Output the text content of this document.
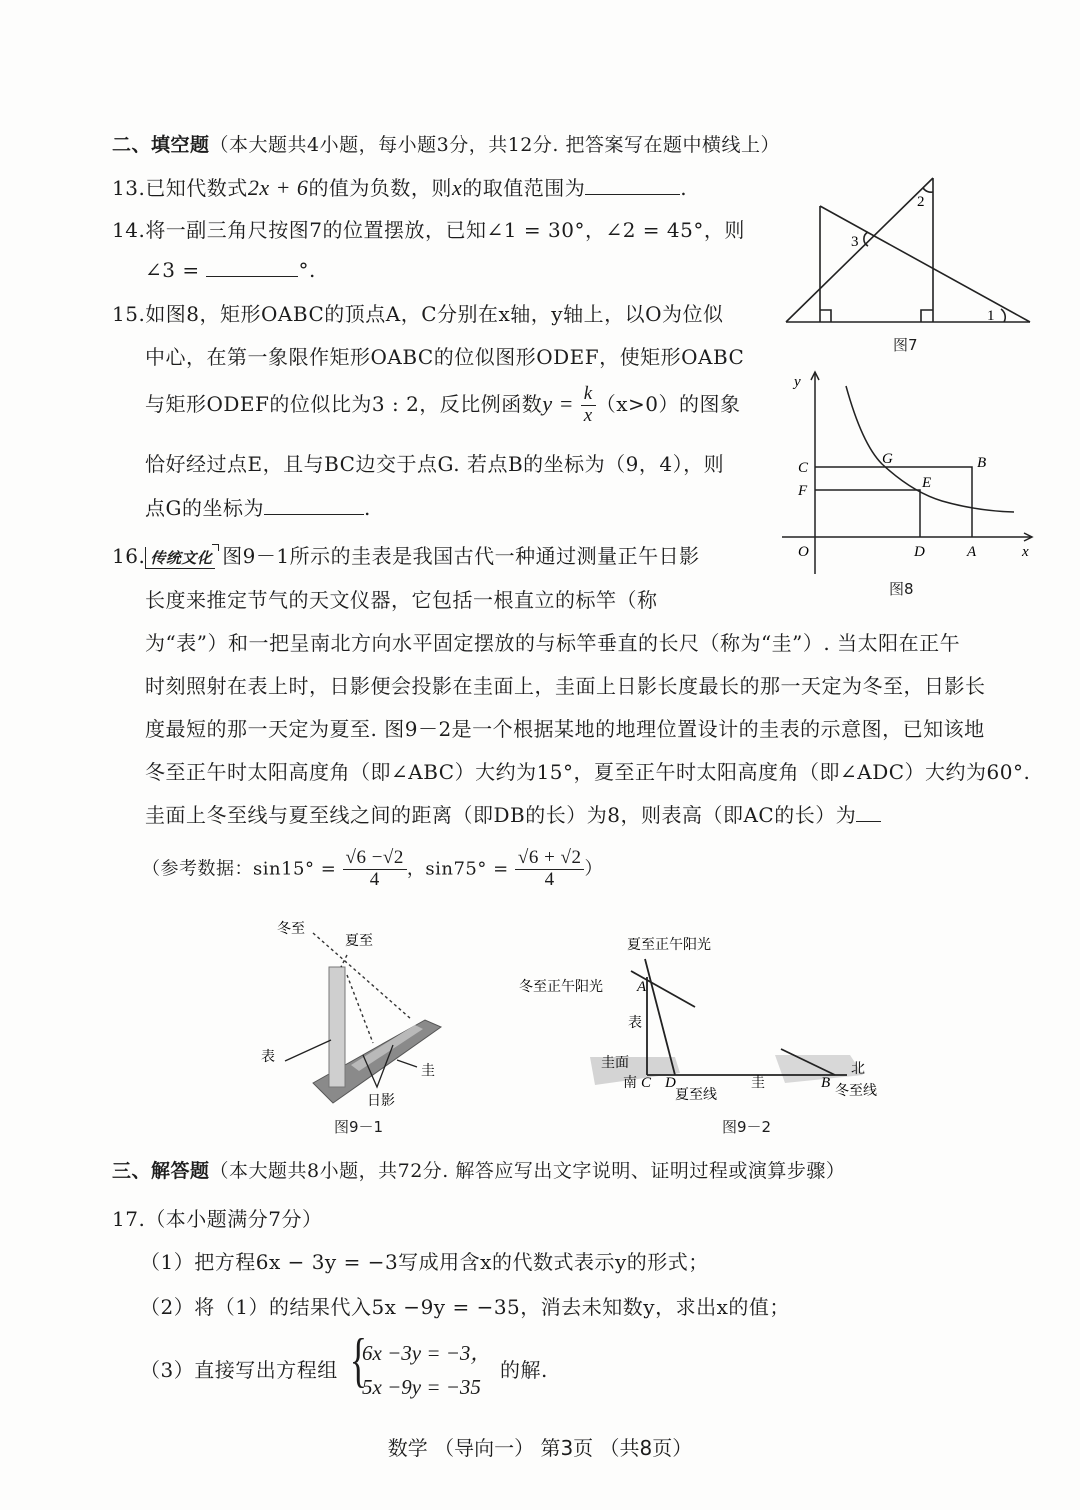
二、填空题（本大题共4小题，每小题3分，共12分. 把答案写在题中横线上）
13.已知代数式2x + 6的值为负数，则x的取值范围为	.
14.将一副三角尺按图7的位置摆放，已知∠1 = 30°，∠2 = 45°，则
∠3 =	°.
1
2
3
图7
15.如图8，矩形OABC的顶点A，C分别在x轴，y轴上，以O为位似
中心，在第一象限作矩形OABC的位似图形ODEF，使矩形OABC
与矩形ODEF的位似比为3 : 2，反比例函数$y = \frac{k}{x} (x>0)$的图象
恰好经过点E，且与BC边交于点G. 若点B的坐标为（9，4），则
点G的坐标为	.
y
x
O
C
F
G	B
E
D	A
图8
16. 传统文化 图9－1所示的圭表是我国古代一种通过测量正午日影
长度来推定节气的天文仪器，它包括一根直立的标竿（称
为“表”）和一把呈南北方向水平固定摆放的与标竿垂直的长尺（称为“圭”）. 当太阳在正午
时刻照射在表上时，日影便会投影在圭面上，圭面上日影长度最长的那一天定为冬至，日影长
度最短的那一天定为夏至. 图9－2是一个根据某地的地理位置设计的圭表的示意图，已知该地
冬至正午时太阳高度角（即∠ABC）大约为15°，夏至正午时太阳高度角（即∠ADC）大约为60°.
圭面上冬至线与夏至线之间的距离（即DB的长）为8，则表高（即AC的长）为
（参考数据：$\sin 15^\circ = \frac{√6 -√2}{4}$ ，$\sin 75^\circ = \frac{√6 + √2}{4}$ ）
冬至
夏至
表
圭
日影
图9－1
夏至正午阳光
冬至正午阳光
表
圭面
南
夏至线
圭
北
冬至线
A
C D	B
图9－2
三、解答题（本大题共8小题，共72分. 解答应写出文字说明、证明过程或演算步骤）
17.（本小题满分7分）
（1）把方程6x − 3y = −3写成用含x的代数式表示y的形式；
（2）将（1）的结果代入5x −9y = −35，消去未知数y，求出x的值；
（3）直接写出方程组 {
6x −3y = −3，
5x −9y = −35
的解.
数学 （导向一） 第3页 （共8页）
